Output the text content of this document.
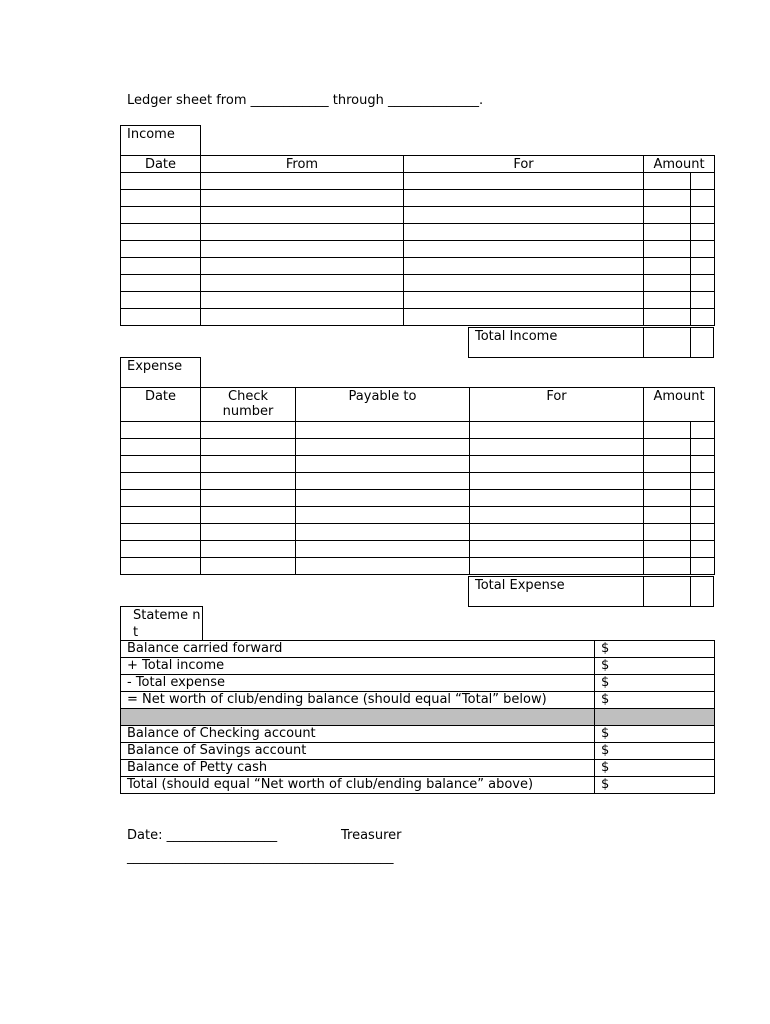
Ledger sheet from ____________ through ______________.
Income
Date	From	For	Amount	

Total Income
Expense
Date	Check number	Payable to	For	Amount	

Total Expense
Stateme nt
Balance carried forward	$
+ Total income	$
- Total expense	$
= Net worth of club/ending balance (should equal “Total” below)	$

Balance of Checking account	$
Balance of Savings account	$
Balance of Petty cash	$
Total (should equal “Net worth of club/ending balance” above)	$
Date: _________________	Treasurer
_________________________________________
